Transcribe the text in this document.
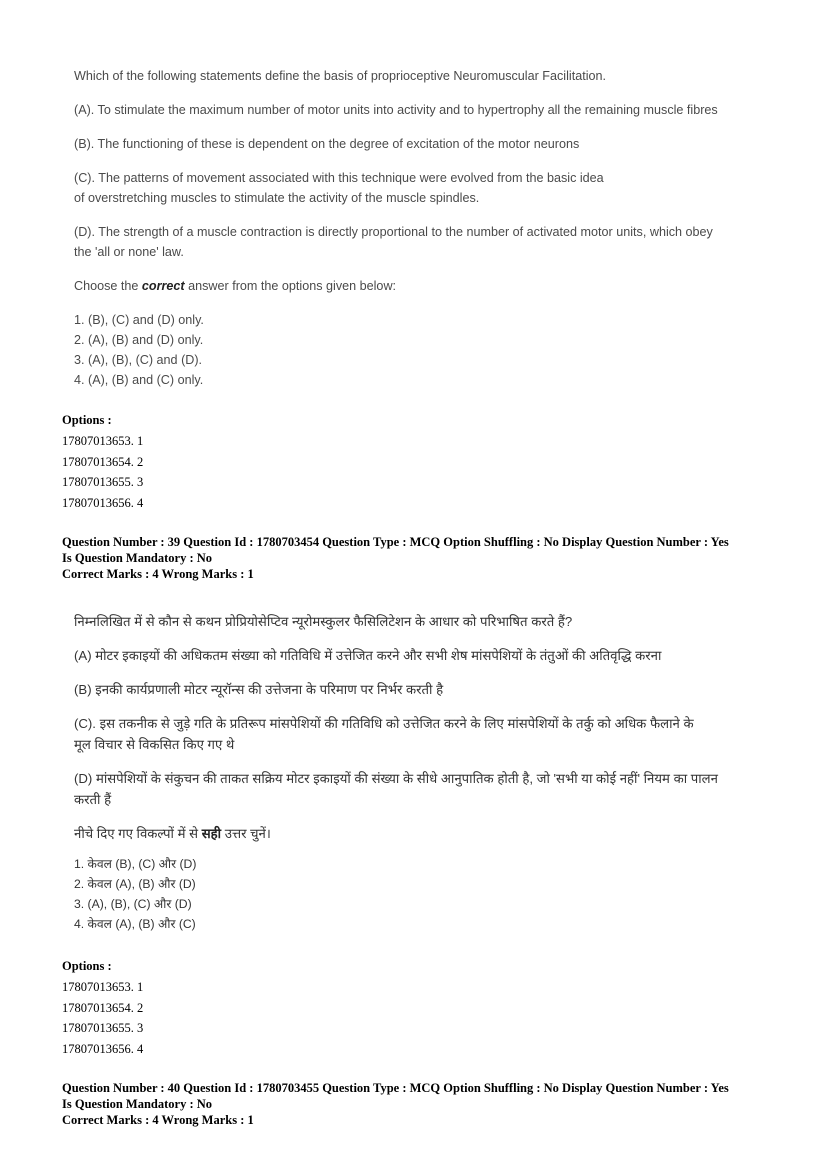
Which of the following statements define the basis of proprioceptive Neuromuscular Facilitation.

(A). To stimulate the maximum number of motor units into activity and to hypertrophy all the remaining muscle fibres

(B). The functioning of these is dependent on the degree of excitation of the motor neurons

(C). The patterns of movement associated with this technique were evolved from the basic idea

of overstretching muscles to stimulate the activity of the muscle spindles.

(D). The strength of a muscle contraction is directly proportional to the number of activated motor units, which obey

the 'all or none' law.

Choose the correct answer from the options given below:

1. (B), (C) and (D) only.

2. (A), (B) and (D) only.

3. (A), (B), (C) and (D).

4. (A), (B) and (C) only.

Options :
17807013653. 1
17807013654. 2
17807013655. 3
17807013656. 4
Question Number : 39 Question Id : 1780703454 Question Type : MCQ Option Shuffling : No Display Question Number : Yes
Is Question Mandatory : No
Correct Marks : 4 Wrong Marks : 1

निम्नलिखित में से कौन से कथन प्रोप्रियोसेप्टिव न्यूरोमस्कुलर फैसिलिटेशन के आधार को परिभाषित करते हैं?

(A) मोटर इकाइयों की अधिकतम संख्या को गतिविधि में उत्तेजित करने और सभी शेष मांसपेशियों के तंतुओं की अतिवृद्धि करना

(B) इनकी कार्यप्रणाली मोटर न्यूरॉन्स की उत्तेजना के परिमाण पर निर्भर करती है

(C). इस तकनीक से जुड़े गति के प्रतिरूप मांसपेशियों की गतिविधि को उत्तेजित करने के लिए मांसपेशियों के तर्कु को अधिक फैलाने के

मूल विचार से विकसित किए गए थे

(D) मांसपेशियों के संकुचन की ताकत सक्रिय मोटर इकाइयों की संख्या के सीधे आनुपातिक होती है, जो 'सभी या कोई नहीं' नियम का पालन

करती हैं

नीचे दिए गए विकल्पों में से सही उत्तर चुनें।

1. केवल (B), (C) और (D)

2. केवल (A), (B) और (D)

3. (A), (B), (C) और (D)

4. केवल (A), (B) और (C)

Options :
17807013653. 1
17807013654. 2
17807013655. 3
17807013656. 4
Question Number : 40 Question Id : 1780703455 Question Type : MCQ Option Shuffling : No Display Question Number : Yes
Is Question Mandatory : No
Correct Marks : 4 Wrong Marks : 1
